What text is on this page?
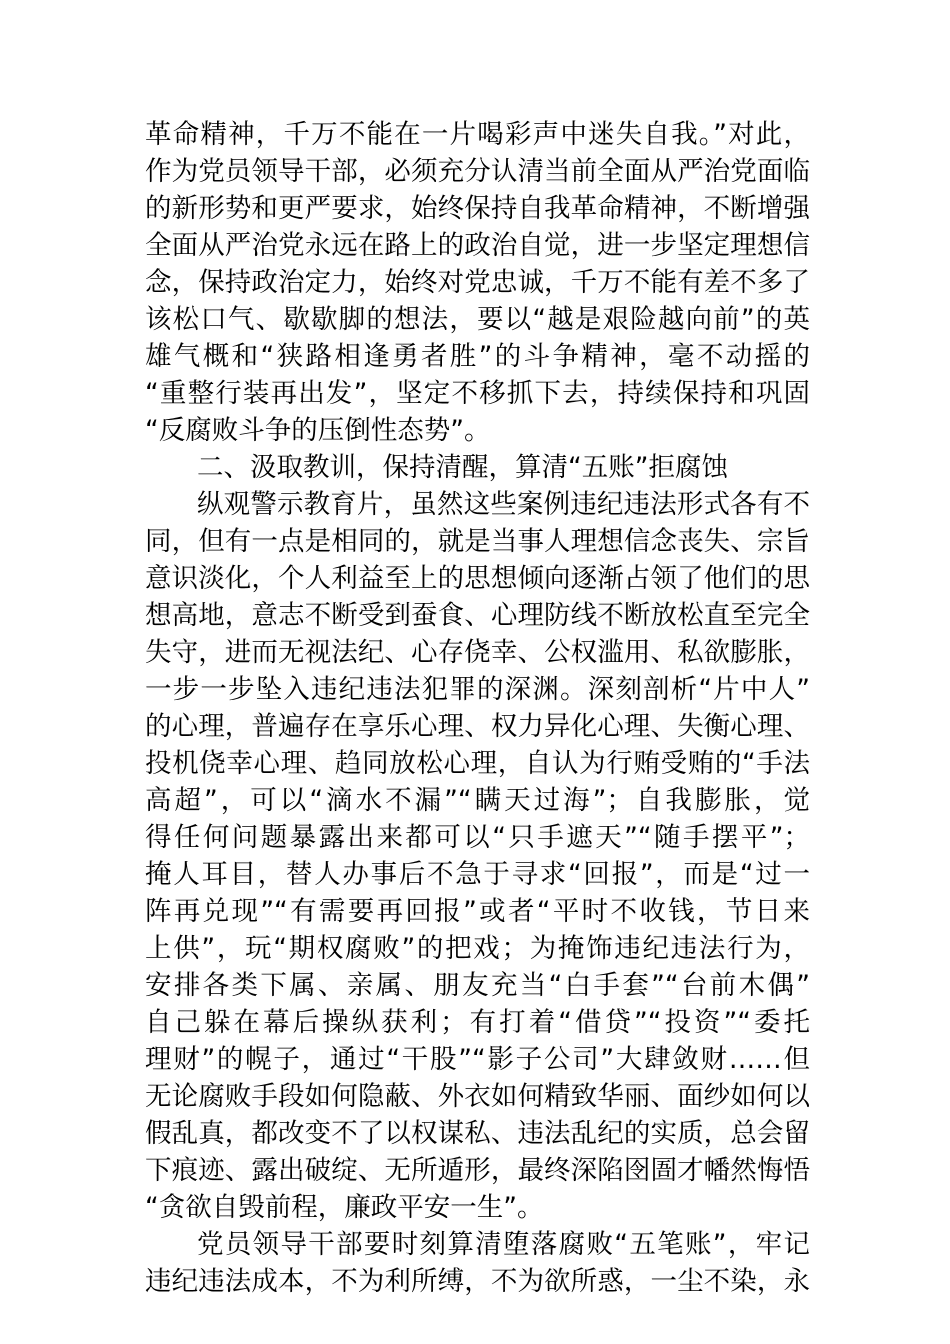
革命精神，千万不能在一片喝彩声中迷失自我。”对此，
作为党员领导干部，必须充分认清当前全面从严治党面临
的新形势和更严要求，始终保持自我革命精神，不断增强
全面从严治党永远在路上的政治自觉，进一步坚定理想信
念，保持政治定力，始终对党忠诚，千万不能有差不多了
该松口气、歇歇脚的想法，要以“越是艰险越向前”的英
雄气概和“狭路相逢勇者胜”的斗争精神，毫不动摇的
“重整行装再出发”，坚定不移抓下去，持续保持和巩固
“反腐败斗争的压倒性态势”。
二、汲取教训，保持清醒，算清“五账”拒腐蚀
纵观警示教育片，虽然这些案例违纪违法形式各有不
同，但有一点是相同的，就是当事人理想信念丧失、宗旨
意识淡化，个人利益至上的思想倾向逐渐占领了他们的思
想高地，意志不断受到蚕食、心理防线不断放松直至完全
失守，进而无视法纪、心存侥幸、公权滥用、私欲膨胀，
一步一步坠入违纪违法犯罪的深渊。深刻剖析“片中人”
的心理，普遍存在享乐心理、权力异化心理、失衡心理、
投机侥幸心理、趋同放松心理，自认为行贿受贿的“手法
高超”，可以“滴水不漏”“瞒天过海”；自我膨胀，觉
得任何问题暴露出来都可以“只手遮天”“随手摆平”；
掩人耳目，替人办事后不急于寻求“回报”，而是“过一
阵再兑现”“有需要再回报”或者“平时不收钱，节日来
上供”，玩“期权腐败”的把戏；为掩饰违纪违法行为，
安排各类下属、亲属、朋友充当“白手套”“台前木偶”
自己躲在幕后操纵获利；有打着“借贷”“投资”“委托
理财”的幌子，通过“干股”“影子公司”大肆敛财……但
无论腐败手段如何隐蔽、外衣如何精致华丽、面纱如何以
假乱真，都改变不了以权谋私、违法乱纪的实质，总会留
下痕迹、露出破绽、无所遁形，最终深陷囹圄才幡然悔悟
“贪欲自毁前程，廉政平安一生”。
党员领导干部要时刻算清堕落腐败“五笔账”，牢记
违纪违法成本，不为利所缚，不为欲所惑，一尘不染，永
